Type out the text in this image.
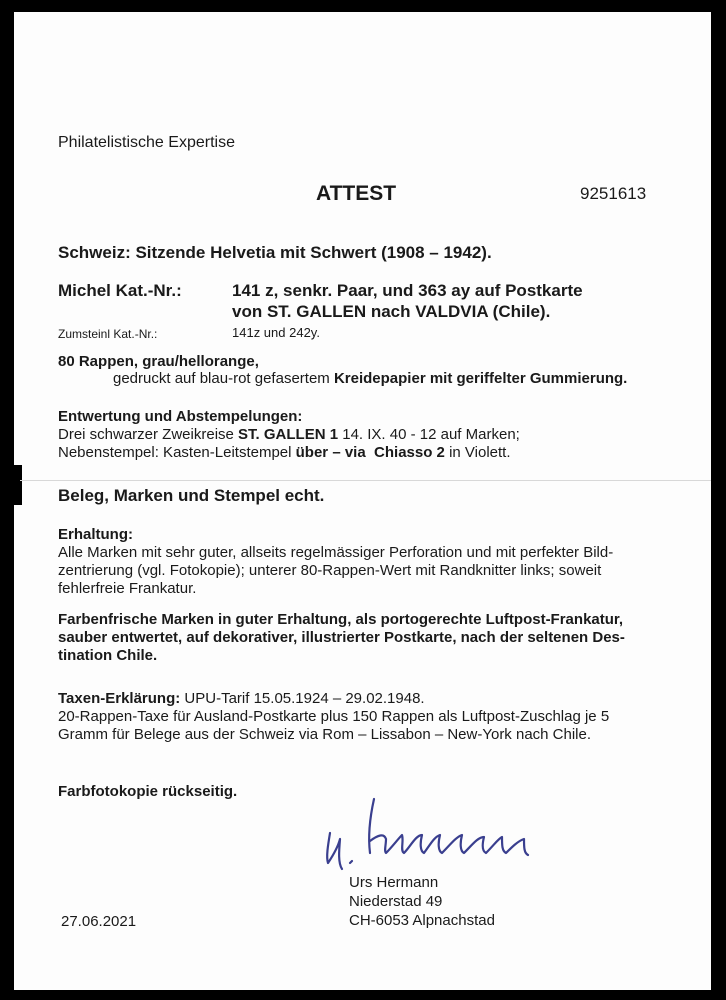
Philatelistische Expertise
ATTEST	9251613
Schweiz: Sitzende Helvetia mit Schwert (1908 – 1942).
Michel Kat.-Nr.:	141 z, senkr. Paar, und 363 ay auf Postkarte
von ST. GALLEN nach VALDVIA (Chile).
Zumsteinl Kat.-Nr.:	141z und 242y.
80 Rappen, grau/hellorange,
gedruckt auf blau-rot gefasertem Kreidepapier mit geriffelter Gummierung.
Entwertung und Abstempelungen:
Drei schwarzer Zweikreise ST. GALLEN 1 14. IX. 40 - 12 auf Marken;
Nebenstempel: Kasten-Leitstempel über – via Chiasso 2 in Violett.
Beleg, Marken und Stempel echt.
Erhaltung:
Alle Marken mit sehr guter, allseits regelmässiger Perforation und mit perfekter Bild-
zentrierung (vgl. Fotokopie); unterer 80-Rappen-Wert mit Randknitter links; soweit
fehlerfreie Frankatur.
Farbenfrische Marken in guter Erhaltung, als portogerechte Luftpost-Frankatur,
sauber entwertet, auf dekorativer, illustrierter Postkarte, nach der seltenen Des-
tination Chile.
Taxen-Erklärung: UPU-Tarif 15.05.1924 – 29.02.1948.
20-Rappen-Taxe für Ausland-Postkarte plus 150 Rappen als Luftpost-Zuschlag je 5
Gramm für Belege aus der Schweiz via Rom – Lissabon – New-York nach Chile.
Farbfotokopie rückseitig.
Urs Hermann
Niederstad 49
CH-6053 Alpnachstad
27.06.2021
